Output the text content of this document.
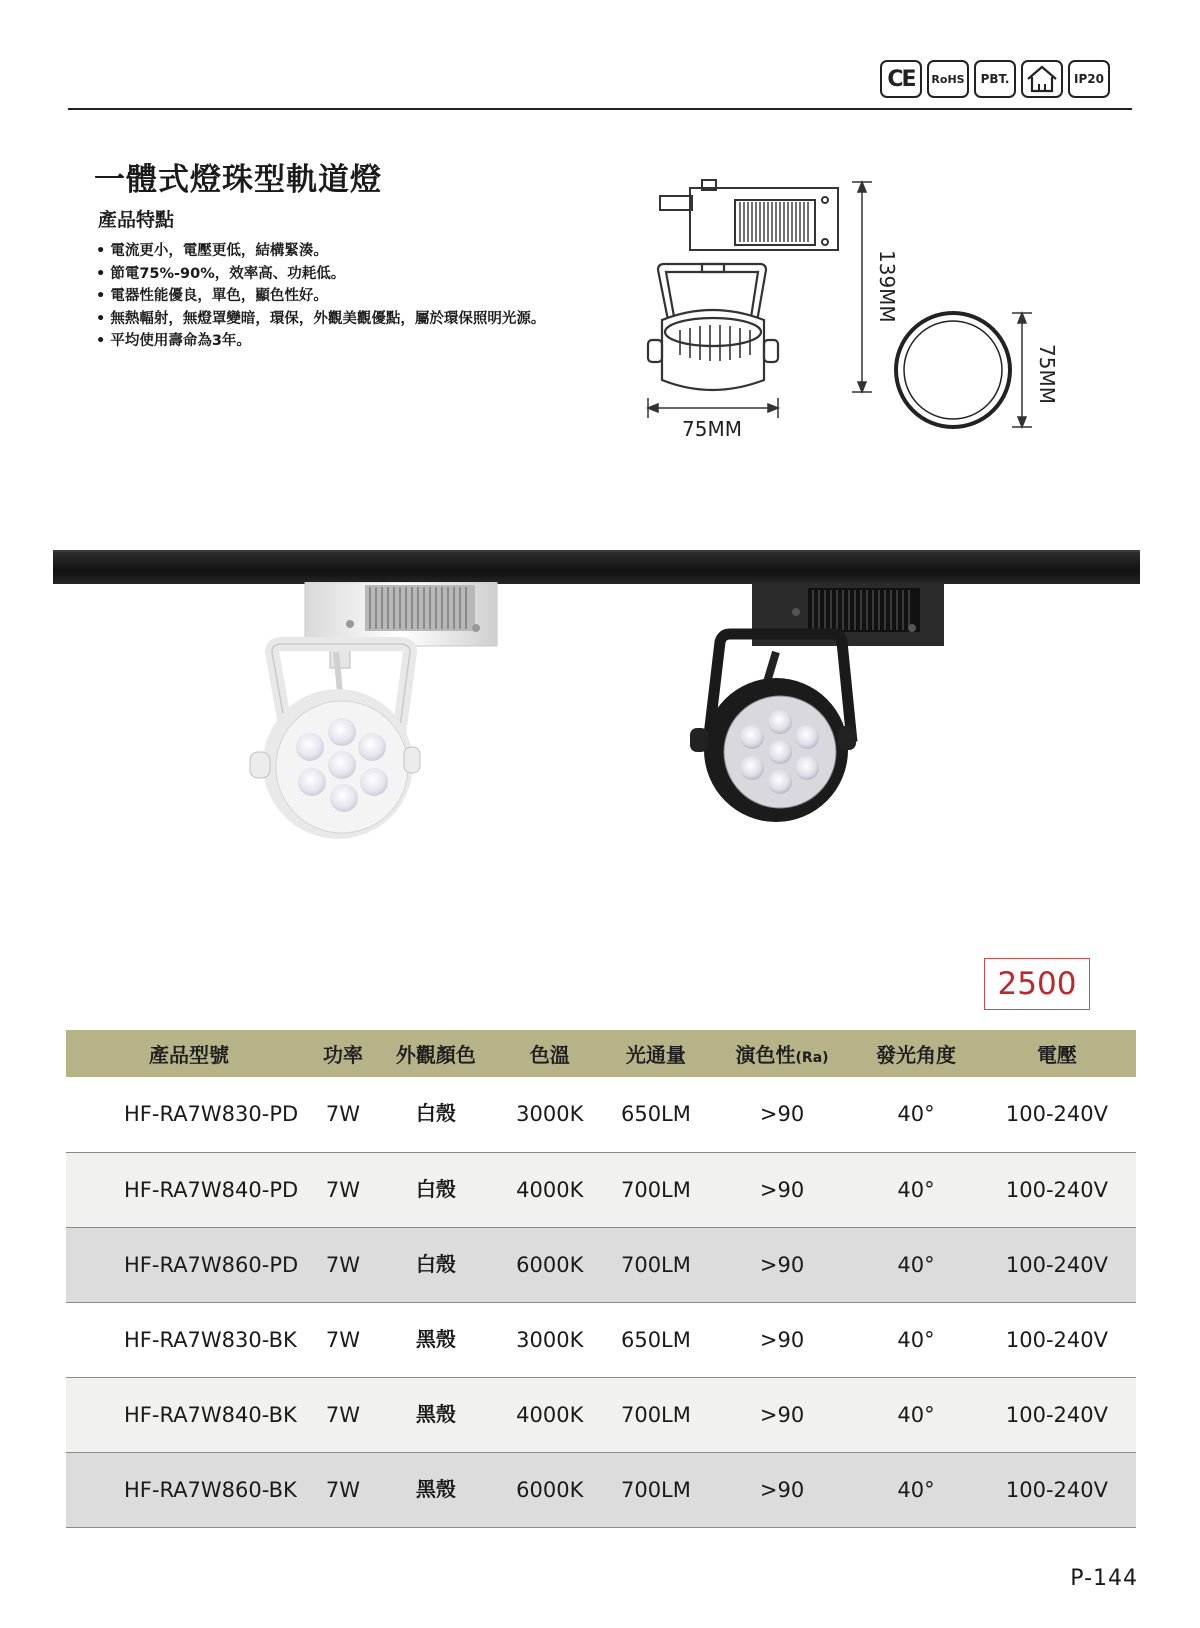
CE	RoHS	PBT.	IP20
一體式燈珠型軌道燈
產品特點
• 電流更小，電壓更低，結構緊湊。
• 節電75%-90%，效率高、功耗低。
• 電器性能優良，單色，顯色性好。
• 無熱輻射，無燈罩變暗，環保，外觀美觀優點，屬於環保照明光源。
• 平均使用壽命為3年。
139MM
75MM
75MM
2500
產品型號	功率	外觀顏色	色溫	光通量	演色性(Ra)	發光角度	電壓
HF-RA7W830-PD	7W	白殼	3000K	650LM	>90	40°	100-240V
HF-RA7W840-PD	7W	白殼	4000K	700LM	>90	40°	100-240V
HF-RA7W860-PD	7W	白殼	6000K	700LM	>90	40°	100-240V
HF-RA7W830-BK	7W	黑殼	3000K	650LM	>90	40°	100-240V
HF-RA7W840-BK	7W	黑殼	4000K	700LM	>90	40°	100-240V
HF-RA7W860-BK	7W	黑殼	6000K	700LM	>90	40°	100-240V
P-144
